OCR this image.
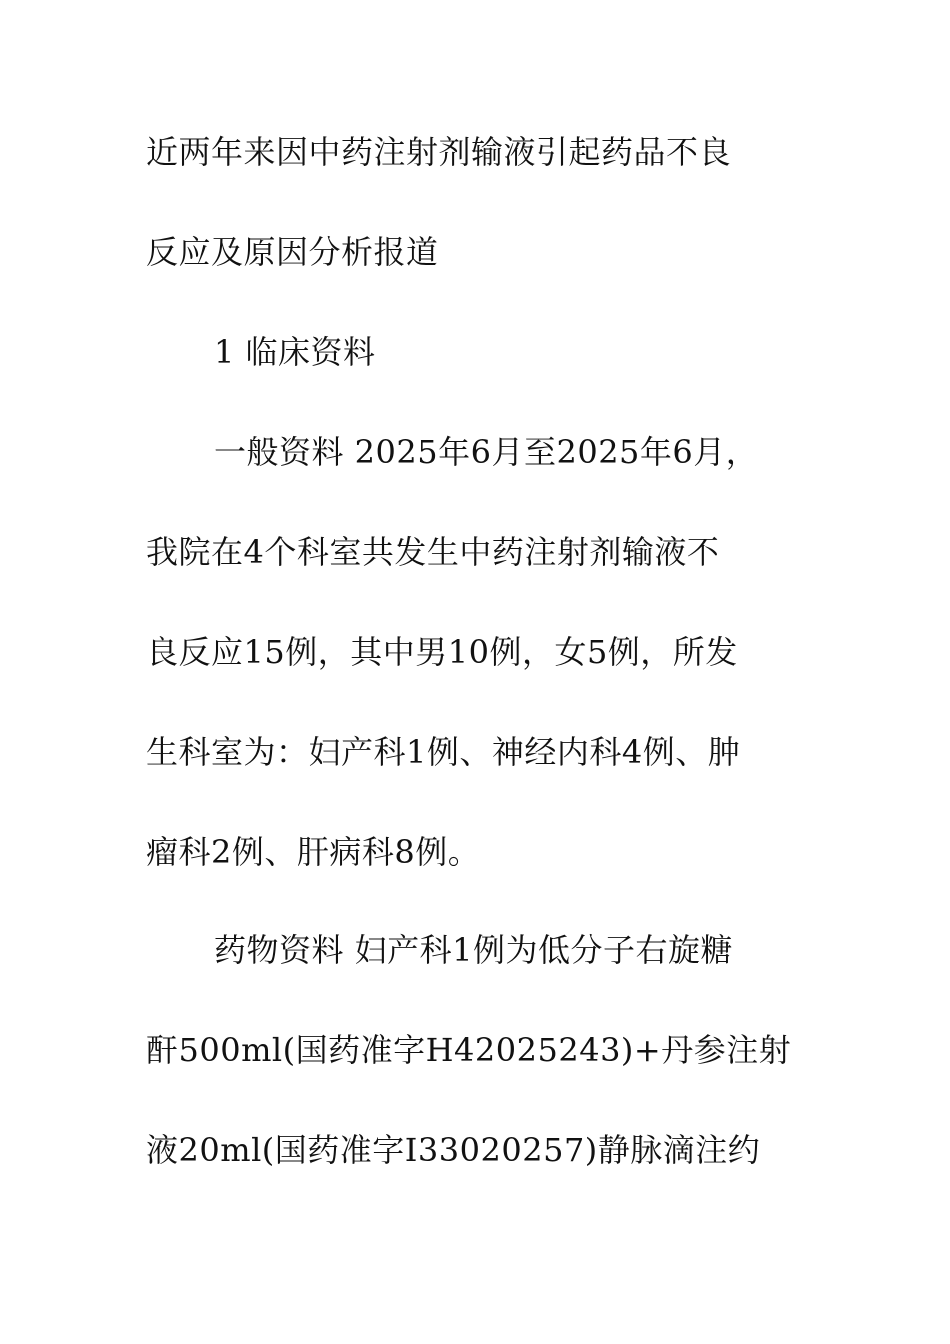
近两年来因中药注射剂输液引起药品不良
反应及原因分析报道
1 临床资料
一般资料 2025年6月至2025年6月，
我院在4个科室共发生中药注射剂输液不
良反应15例，其中男10例，女5例，所发
生科室为：妇产科1例、神经内科4例、肿
瘤科2例、肝病科8例。
药物资料 妇产科1例为低分子右旋糖
酐500ml(国药准字H42025243)+丹参注射
液20ml(国药准字I33020257)静脉滴注约
